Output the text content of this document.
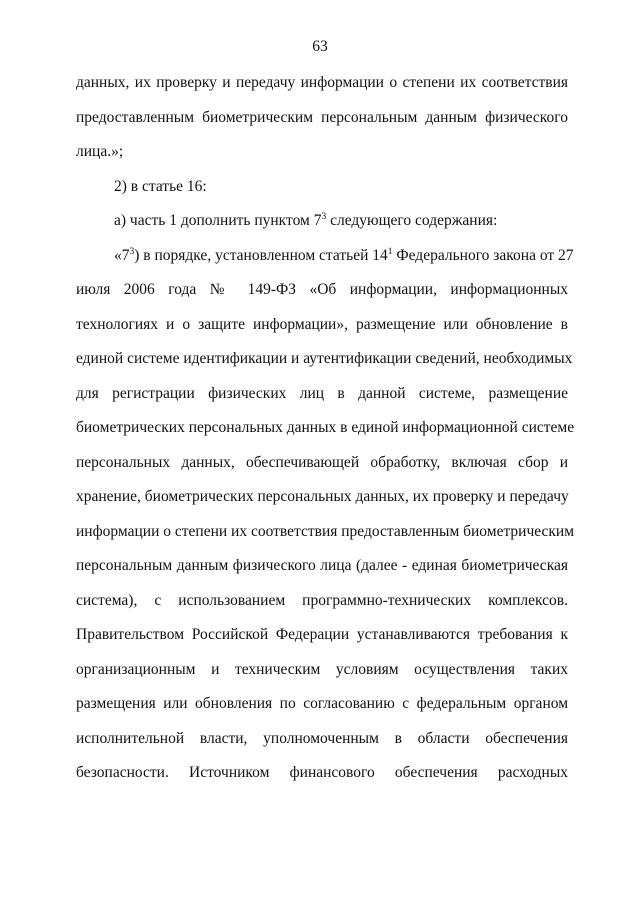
63
данных, их проверку и передачу информации о степени их соответствия
предоставленным биометрическим персональным данным физического
лица.»;
2) в статье 16:
а) часть 1 дополнить пунктом $7^3$ следующего содержания:
«$7^3$) в порядке, установленном статьей $14^1$ Федерального закона от 27
июля 2006 года № 149-ФЗ «Об информации, информационных
технологиях и о защите информации», размещение или обновление в
единой системе идентификации и аутентификации сведений, необходимых
для регистрации физических лиц в данной системе, размещение
биометрических персональных данных в единой информационной системе
персональных данных, обеспечивающей обработку, включая сбор и
хранение, биометрических персональных данных, их проверку и передачу
информации о степени их соответствия предоставленным биометрическим
персональным данным физического лица (далее - единая биометрическая
система), с использованием программно-технических комплексов.
Правительством Российской Федерации устанавливаются требования к
организационным и техническим условиям осуществления таких
размещения или обновления по согласованию с федеральным органом
исполнительной власти, уполномоченным в области обеспечения
безопасности. Источником финансового обеспечения расходных
